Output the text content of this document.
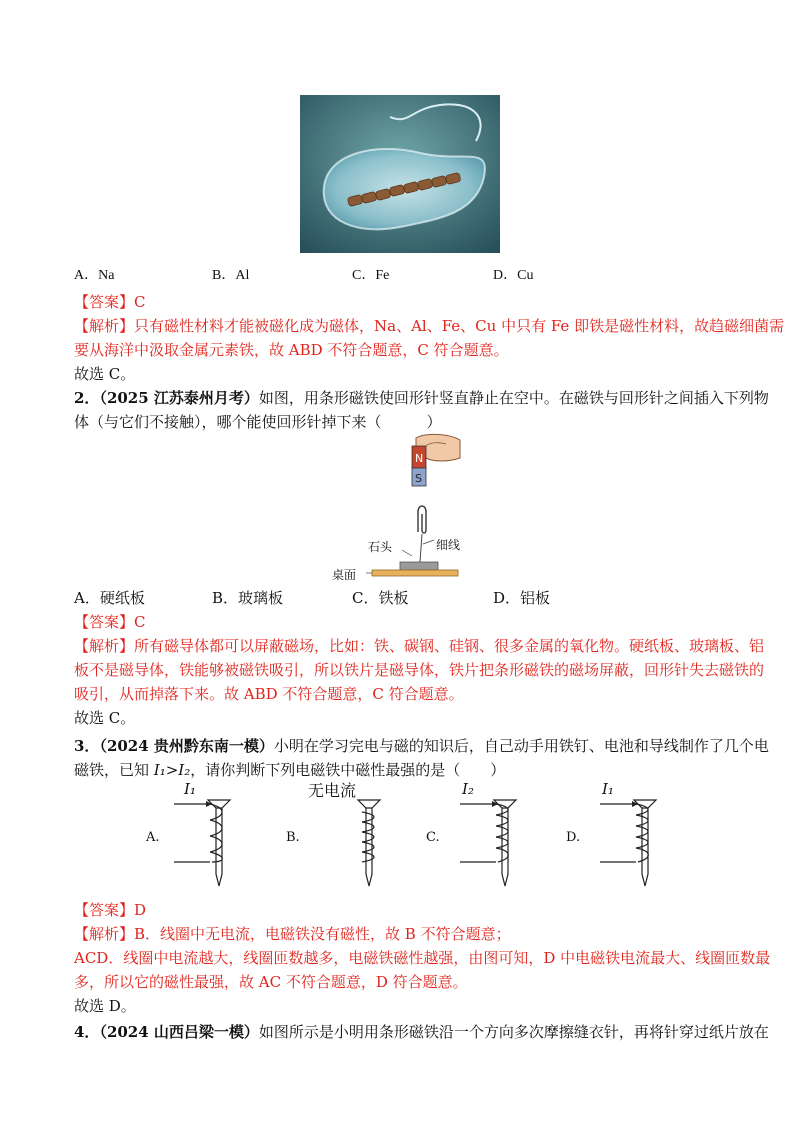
A．Na	B．Al	C．Fe	D．Cu
【答案】C
【解析】只有磁性材料才能被磁化成为磁体，Na、Al、Fe、Cu 中只有 Fe 即铁是磁性材料，故趋磁细菌需
要从海洋中汲取金属元素铁，故 ABD 不符合题意，C 符合题意。
故选 C。
2．（2025 江苏泰州月考）如图，用条形磁铁使回形针竖直静止在空中。在磁铁与回形针之间插入下列物
体（与它们不接触），哪个能使回形针掉下来（　　　）
N
S
石头	细线
桌面
A．硬纸板	B．玻璃板	C．铁板	D．铝板
【答案】C
【解析】所有磁导体都可以屏蔽磁场，比如：铁、碳钢、硅钢、很多金属的氧化物。硬纸板、玻璃板、铝
板不是磁导体，铁能够被磁铁吸引，所以铁片是磁导体，铁片把条形磁铁的磁场屏蔽，回形针失去磁铁的
吸引，从而掉落下来。故 ABD 不符合题意，C 符合题意。
故选 C。
3．（2024 贵州黔东南一模）小明在学习完电与磁的知识后，自己动手用铁钉、电池和导线制作了几个电
磁铁，已知 I₁>I₂，请你判断下列电磁铁中磁性最强的是（　　）
A.
I₁
B.
无电流
C.
I₂
D.
I₁
【答案】D
【解析】B．线圈中无电流，电磁铁没有磁性，故 B 不符合题意；
ACD．线圈中电流越大，线圈匝数越多，电磁铁磁性越强，由图可知，D 中电磁铁电流最大、线圈匝数最
多，所以它的磁性最强，故 AC 不符合题意，D 符合题意。
故选 D。
4．（2024 山西吕梁一模）如图所示是小明用条形磁铁沿一个方向多次摩擦缝衣针，再将针穿过纸片放在
